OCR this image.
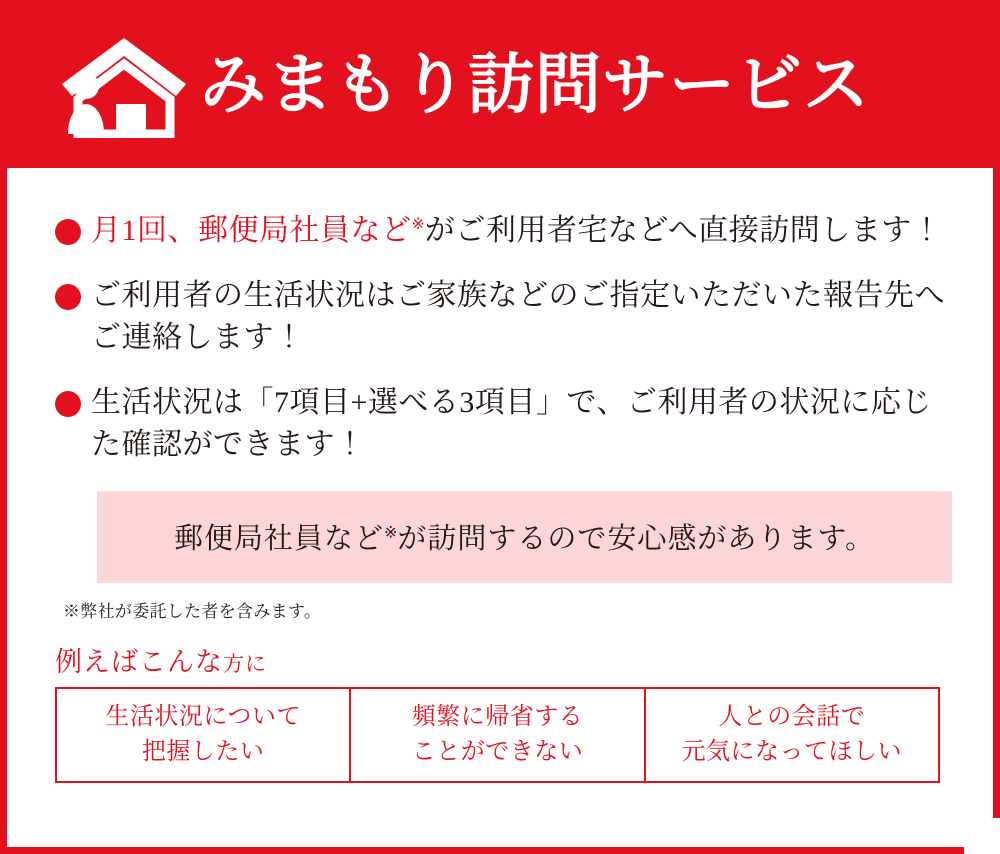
みまもり訪問サービス
月1回、郵便局社員など※がご利用者宅などへ直接訪問します！
ご利用者の生活状況はご家族などのご指定いただいた報告先へご連絡します！
生活状況は「7項目+選べる3項目」で、ご利用者の状況に応じた確認ができます！
郵便局社員など※が訪問するので安心感があります。
※弊社が委託した者を含みます。
例えばこんな方に
生活状況について
把握したい
頻繁に帰省する
ことができない
人との会話で
元気になってほしい
